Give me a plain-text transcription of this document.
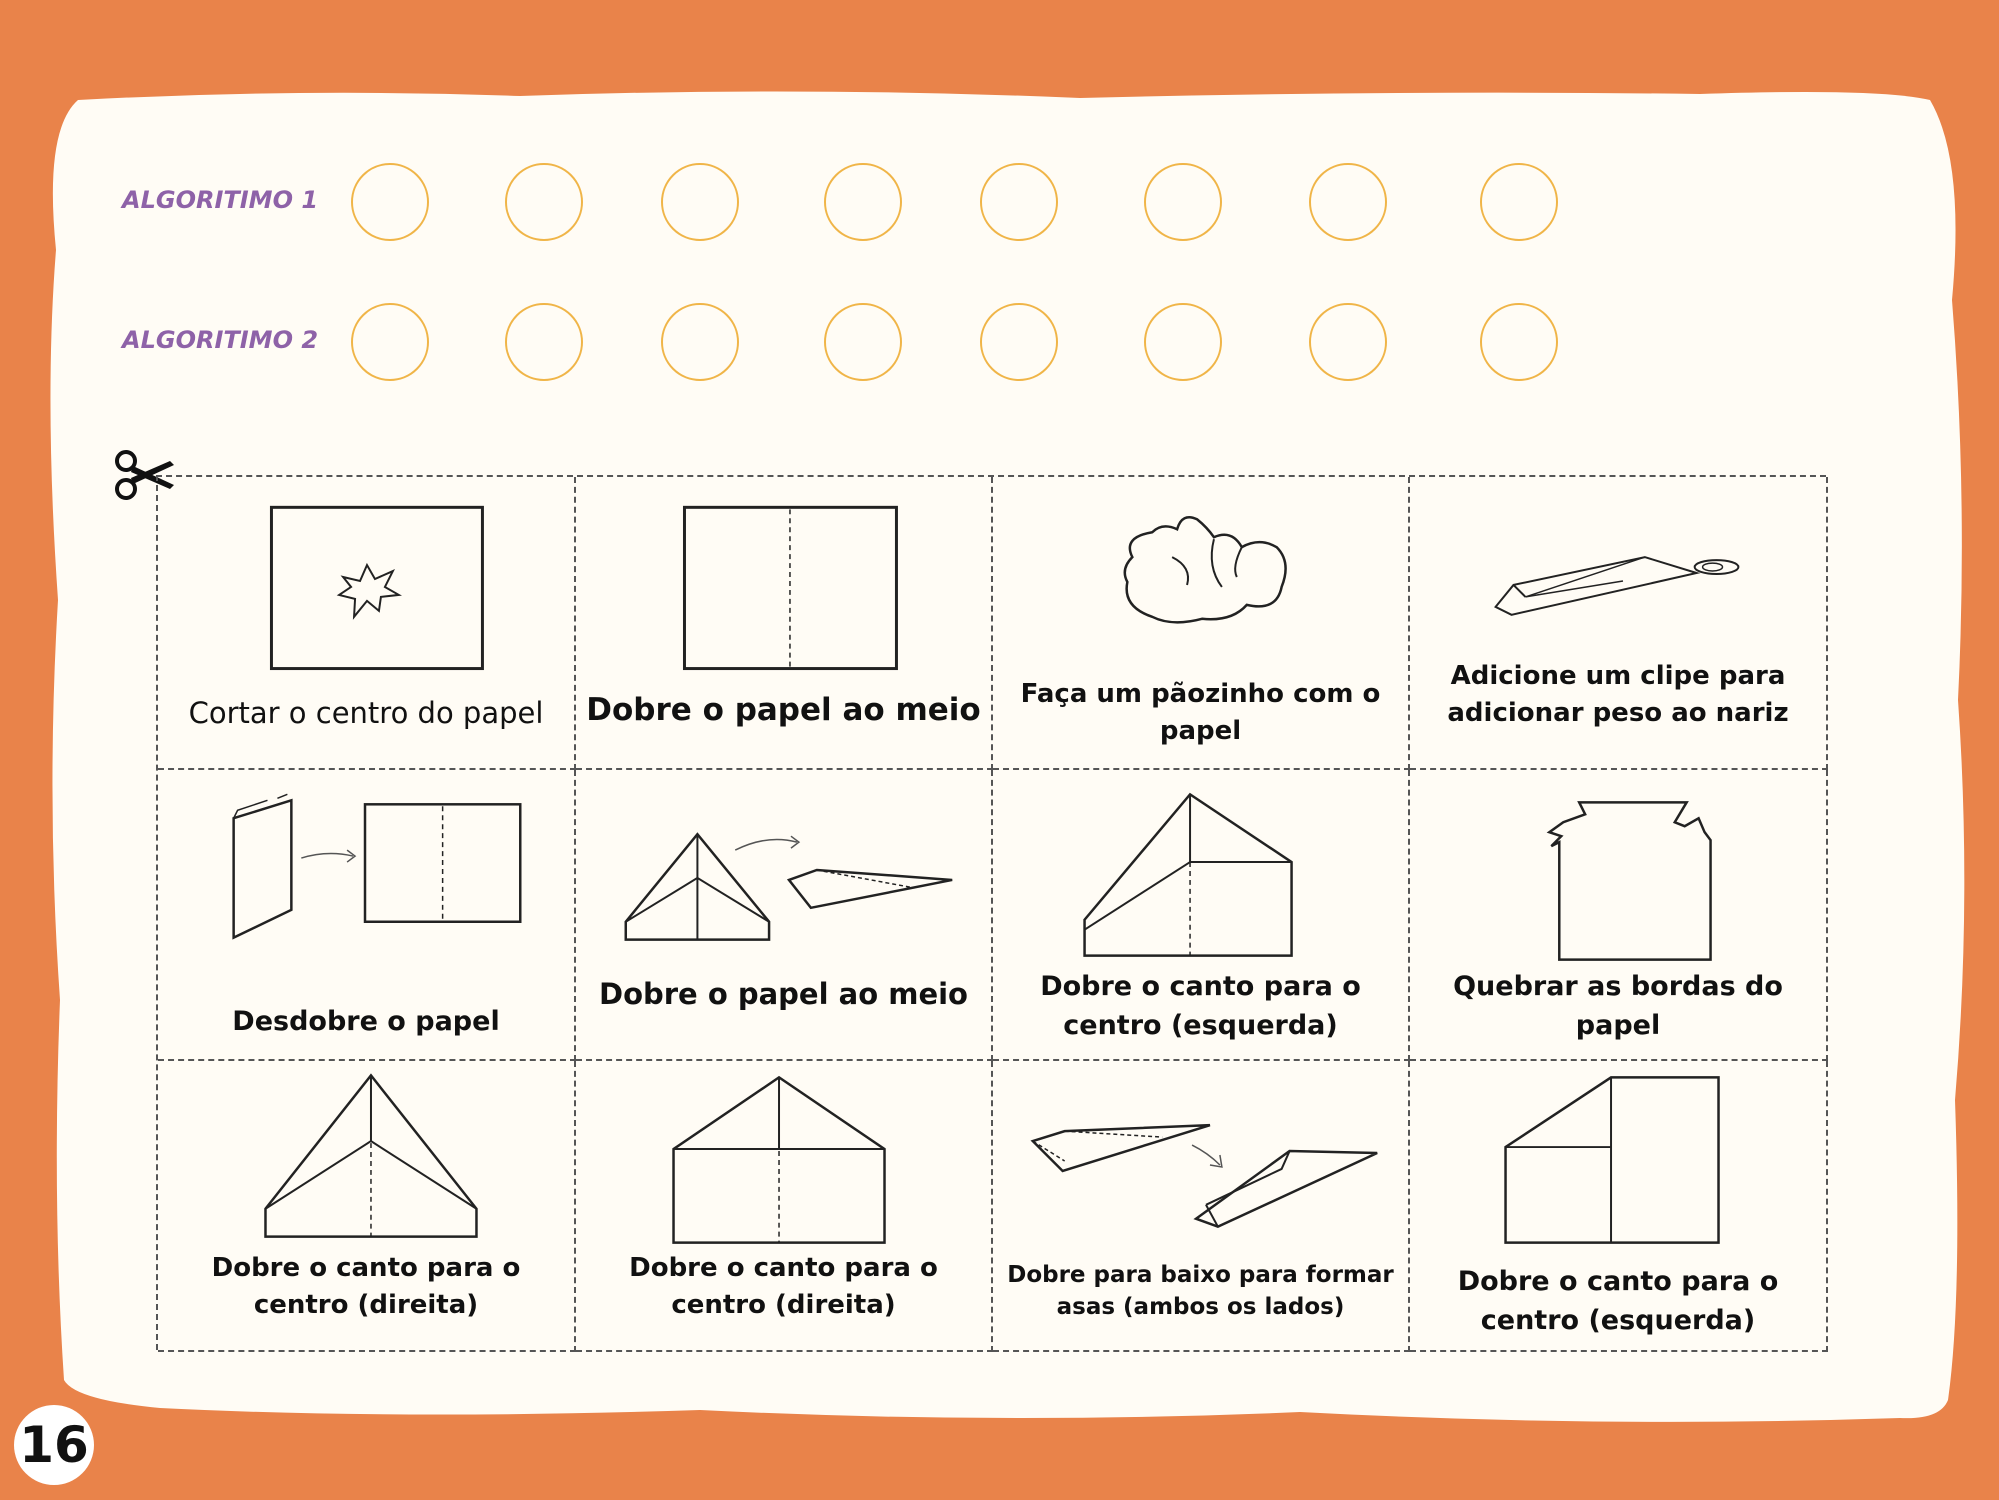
ALGORITIMO 1
ALGORITIMO 2
Cortar o centro do papel	Dobre o papel ao meio	Faça um pãozinho com o papel
Adicione um clipe para adicionar peso ao nariz
Desdobre o papel
Dobre o papel ao meio	Dobre o canto para o centro (esquerda)
Quebrar as bordas do papel
Dobre o canto para o centro (direita)
Dobre o canto para o centro (direita)
Dobre para baixo para formar asas (ambos os lados)
Dobre o canto para o centro (esquerda)
16
